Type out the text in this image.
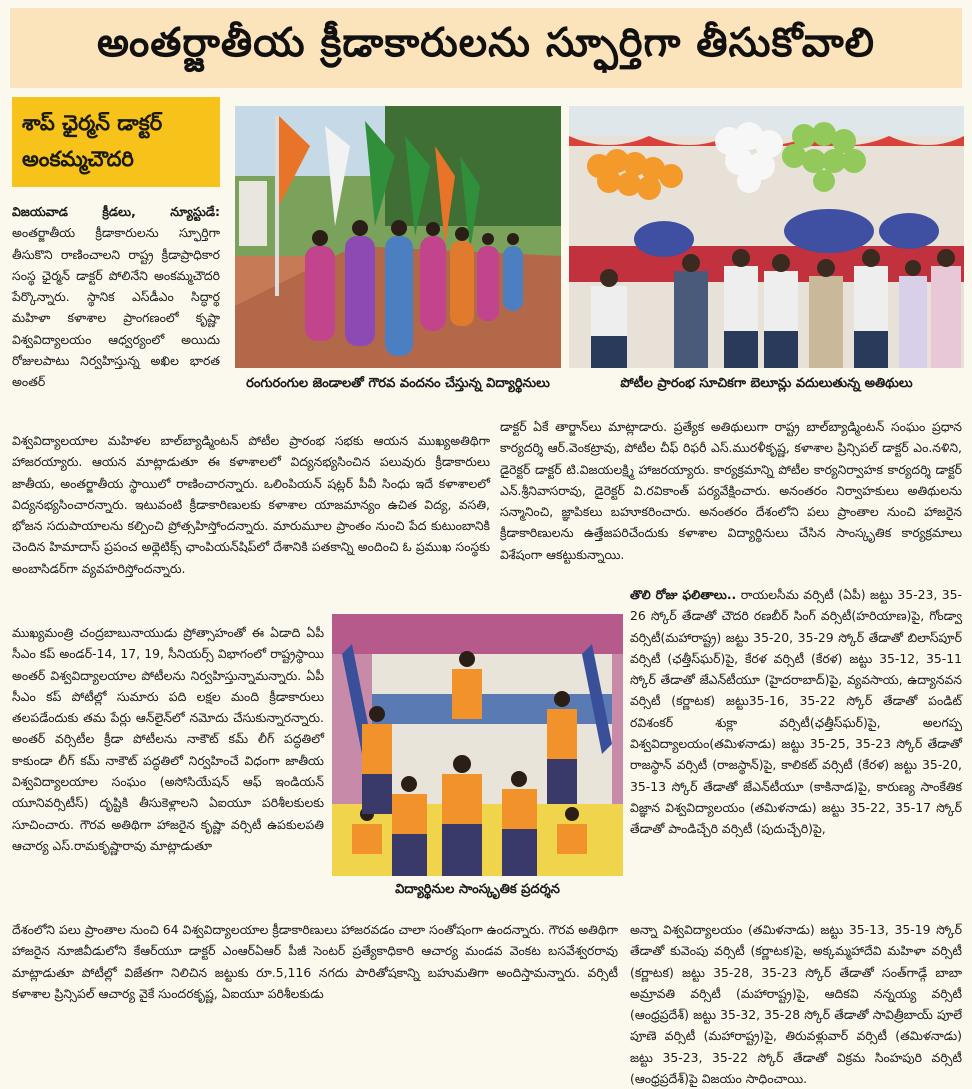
అంతర్జాతీయ క్రీడాకారులను స్ఫూర్తిగా తీసుకోవాలి
శాప్ ఛైర్మన్ డాక్టర్ అంకమ్మచౌదరి
రంగురంగుల జెండాలతో గౌరవ వందనం చేస్తున్న విద్యార్థినులు	పోటీల ప్రారంభ సూచికగా బెలూన్లు వదులుతున్న అతిథులు
విద్యార్థినుల సాంస్కృతిక ప్రదర్శన

విజయవాడ క్రీడలు, న్యూస్టుడే: అంతర్జాతీయ క్రీడాకారులను స్ఫూర్తిగా తీసుకొని రాణించాలని రాష్ట్ర క్రీడాప్రాధికార సంస్థ ఛైర్మన్ డాక్టర్ పోలినేని అంకమ్మచౌదరి పేర్కొన్నారు. స్థానిక ఎస్‌డీఎం సిద్ధార్థ మహిళా కళాశాల ప్రాంగణంలో కృష్ణా విశ్వవిద్యాలయం ఆధ్వర్యంలో అయిదు రోజులపాటు నిర్వహిస్తున్న అఖిల భారత అంతర్

విశ్వవిద్యాలయాల మహిళల బాల్‌బ్యాడ్మింటన్ పోటీల ప్రారంభ సభకు ఆయన ముఖ్యఅతిథిగా హాజరయ్యారు. ఆయన మాట్లాడుతూ ఈ కళాశాలలో విద్యనభ్యసించిన పలువురు క్రీడాకారులు జాతీయ, అంతర్జాతీయ స్థాయిలో రాణించారన్నారు. ఒలింపియన్ షట్లర్ పీవీ సింధు ఇదే కళాశాలలో విద్యనభ్యసించారన్నారు. ఇటువంటి క్రీడాకారిణులకు కళాశాల యాజమాన్యం ఉచిత విద్య, వసతి, భోజన సదుపాయాలను కల్పించి ప్రోత్సహిస్తోందన్నారు. మారుమూల ప్రాంతం నుంచి పేద కుటుంబానికి చెందిన హిమాదాస్ ప్రపంచ అథ్లెటిక్స్ ఛాంపియన్‌షిప్‌లో దేశానికి పతకాన్ని అందించి ఓ ప్రముఖ సంస్థకు అంబాసిడర్‌గా వ్యవహరిస్తోందన్నారు.

ముఖ్యమంత్రి చంద్రబాబునాయుడు ప్రోత్సాహంతో ఈ ఏడాది ఏపీ సీఎం కప్ అండర్-14, 17, 19, సీనియర్స్ విభాగంలో రాష్ట్రస్థాయి అంతర్ విశ్వవిద్యాలయాల పోటీలను నిర్వహిస్తున్నామన్నారు. ఏపీ సీఎం కప్ పోటీల్లో సుమారు పది లక్షల మంది క్రీడాకారులు తలపడేందుకు తమ పేర్లు ఆన్‌లైన్‌లో నమోదు చేసుకున్నారన్నారు. అంతర్ వర్సిటీల క్రీడా పోటీలను నాకౌట్ కమ్ లీగ్ పద్ధతిలో కాకుండా లీగ్ కమ్ నాకౌట్ పద్ధతిలో నిర్వహించే విధంగా జాతీయ విశ్వవిద్యాలయాల సంఘం (అసోసియేషన్ ఆఫ్ ఇండియన్ యూనివర్సిటీస్) దృష్టికి తీసుకెళ్లాలని ఏఐయూ పరిశీలకులకు సూచించారు. గౌరవ అతిథిగా హాజరైన కృష్ణా వర్సిటీ ఉపకులపతి ఆచార్య ఎస్.రామకృష్ణారావు మాట్లాడుతూ

దేశంలోని పలు ప్రాంతాల నుంచి 64 విశ్వవిద్యాలయాల క్రీడాకారిణులు హాజరవడం చాలా సంతోషంగా ఉందన్నారు. గౌరవ అతిథిగా హాజరైన నూజివీడులోని కేఆర్‌యూ డాక్టర్ ఎంఆర్ఏఆర్ పీజీ సెంటర్ ప్రత్యేకాధికారి ఆచార్య మండవ వెంకట బసవేశ్వరరావు మాట్లాడుతూ పోటీల్లో విజేతగా నిలిచిన జట్టుకు రూ.5,116 నగదు పారితోషకాన్ని బహుమతిగా అందిస్తామన్నారు. వర్సిటీ కళాశాల ప్రిన్సిపల్ ఆచార్య వైకే సుందరకృష్ణ, ఏఐయూ పరిశీలకుడు

డాక్టర్ ఏకే తార్జాన్‌లు మాట్లాడారు. ప్రత్యేక అతిథులుగా రాష్ట్ర బాల్‌బ్యాడ్మింటన్ సంఘం ప్రధాన కార్యదర్శి ఆర్.వెంకట్రావు, పోటీల చీఫ్ రిఫరీ ఎస్.మురళీకృష్ణ, కళాశాల ప్రిన్సిపల్ డాక్టర్ ఎం.నళిని, డైరెక్టర్ డాక్టర్ టి.విజయలక్ష్మి హాజరయ్యారు. కార్యక్రమాన్ని పోటీల కార్యనిర్వాహక కార్యదర్శి డాక్టర్ ఎన్.శ్రీనివాసరావు, డైరెక్టర్ వి.రవికాంత్ పర్యవేక్షించారు. అనంతరం నిర్వాహకులు అతిథులను సన్మానించి, జ్ఞాపికలు బహూకరించారు. అనంతరం దేశంలోని పలు ప్రాంతాల నుంచి హాజరైన క్రీడాకారిణులను ఉత్తేజపరిచేందుకు కళాశాల విద్యార్థినులు చేసిన సాంస్కృతిక కార్యక్రమాలు విశేషంగా ఆకట్టుకున్నాయి.

తొలి రోజు ఫలితాలు.. రాయలసీమ వర్సిటీ (ఏపీ) జట్టు 35-23, 35-26 స్కోర్ తేడాతో చౌదరి రణబీర్ సింగ్ వర్సిటీ(హరియాణ)పై, గోండ్వా వర్సిటీ(మహారాష్ట్ర) జట్టు 35-20, 35-29 స్కోర్ తేడాతో బిలాస్‌పూర్ వర్సిటీ (ఛత్తీస్‌ఘర్)పై, కేరళ వర్సిటీ (కేరళ) జట్టు 35-12, 35-11 స్కోర్ తేడాతో జేఎన్‌టీయూ (హైదరాబాద్)పై, వ్యవసాయ, ఉద్యానవన వర్సిటీ (కర్ణాటక) జట్టు35-16, 35-22 స్కోర్ తేడాతో పండిట్ రవిశంకర్ శుక్లా వర్సిటీ(ఛత్తీస్‌ఘర్)పై, అలగప్ప విశ్వవిద్యాలయం(తమిళనాడు) జట్టు 35-25, 35-23 స్కోర్ తేడాతో రాజస్థాన్ వర్సిటీ (రాజస్థాన్)పై, కాలికట్ వర్సిటీ (కేరళ) జట్టు 35-20, 35-13 స్కోర్ తేడాతో జేఎన్‌టీయూ (కాకినాడ)పై, కారుణ్య సాంకేతిక విజ్ఞాన విశ్వవిద్యాలయం (తమిళనాడు) జట్టు 35-22, 35-17 స్కోర్ తేడాతో పాండిచ్చేరి వర్సిటీ (పుదుచ్చేరి)పై,

అన్నా విశ్వవిద్యాలయం (తమిళనాడు) జట్టు 35-13, 35-19 స్కోర్ తేడాతో కువెంపు వర్సిటీ (కర్ణాటక)పై, అక్కమ్మహాదేవి మహిళా వర్సిటీ (కర్ణాటక) జట్టు 35-28, 35-23 స్కోర్ తేడాతో సంత్‌గాడ్గే బాబా అమ్రావతి వర్సిటీ (మహారాష్ట్ర)పై, ఆదికవి నన్నయ్య వర్సిటీ (ఆంధ్రప్రదేశ్) జట్టు 35-32, 35-28 స్కోర్ తేడాతో సావిత్రీబాయ్ పూలే పూణె వర్సిటీ (మహారాష్ట్ర)పై, తిరువళ్లువార్ వర్సిటీ (తమిళనాడు) జట్టు 35-23, 35-22 స్కోర్ తేడాతో విక్రమ సింహపురి వర్సిటీ (ఆంధ్రప్రదేశ్)పై విజయం సాధించాయి.
